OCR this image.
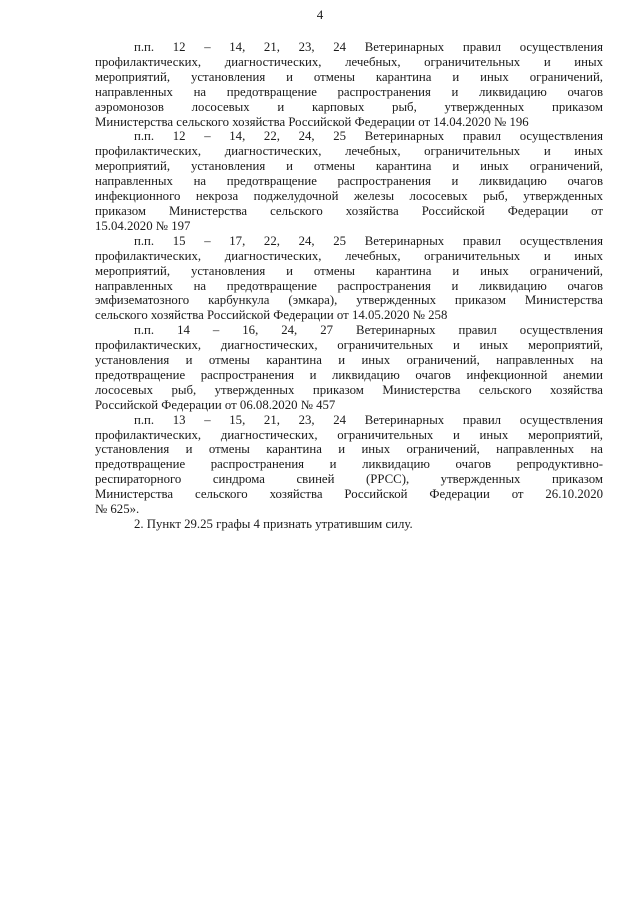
4
п.п. 12 – 14, 21, 23, 24 Ветеринарных правил осуществления
профилактических, диагностических, лечебных, ограничительных и иных
мероприятий, установления и отмены карантина и иных ограничений,
направленных на предотвращение распространения и ликвидацию очагов
аэромонозов лососевых и карповых рыб, утвержденных приказом
Министерства сельского хозяйства Российской Федерации от 14.04.2020 № 196
п.п. 12 – 14, 22, 24, 25 Ветеринарных правил осуществления
профилактических, диагностических, лечебных, ограничительных и иных
мероприятий, установления и отмены карантина и иных ограничений,
направленных на предотвращение распространения и ликвидацию очагов
инфекционного некроза поджелудочной железы лососевых рыб, утвержденных
приказом Министерства сельского хозяйства Российской Федерации от
15.04.2020 № 197
п.п. 15 – 17, 22, 24, 25 Ветеринарных правил осуществления
профилактических, диагностических, лечебных, ограничительных и иных
мероприятий, установления и отмены карантина и иных ограничений,
направленных на предотвращение распространения и ликвидацию очагов
эмфизематозного карбункула (эмкара), утвержденных приказом Министерства
сельского хозяйства Российской Федерации от 14.05.2020 № 258
п.п. 14 – 16, 24, 27 Ветеринарных правил осуществления
профилактических, диагностических, ограничительных и иных мероприятий,
установления и отмены карантина и иных ограничений, направленных на
предотвращение распространения и ликвидацию очагов инфекционной анемии
лососевых рыб, утвержденных приказом Министерства сельского хозяйства
Российской Федерации от 06.08.2020 № 457
п.п. 13 – 15, 21, 23, 24 Ветеринарных правил осуществления
профилактических, диагностических, ограничительных и иных мероприятий,
установления и отмены карантина и иных ограничений, направленных на
предотвращение распространения и ликвидацию очагов репродуктивно-
респираторного синдрома свиней (РРСС), утвержденных приказом
Министерства сельского хозяйства Российской Федерации от 26.10.2020
№ 625».
2. Пункт 29.25 графы 4 признать утратившим силу.
